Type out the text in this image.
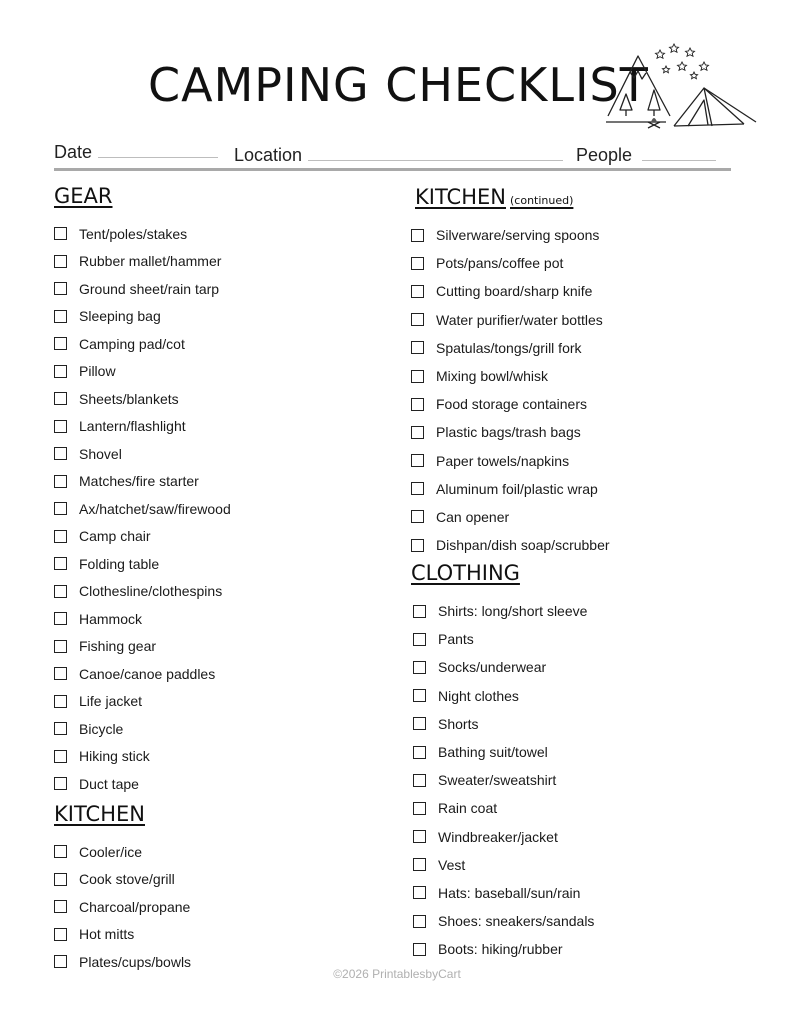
CAMPING CHECKLIST
Date	Location	People
GEAR
Tent/poles/stakes
Rubber mallet/hammer
Ground sheet/rain tarp
Sleeping bag
Camping pad/cot
Pillow
Sheets/blankets
Lantern/flashlight
Shovel
Matches/fire starter
Ax/hatchet/saw/firewood
Camp chair
Folding table
Clothesline/clothespins
Hammock
Fishing gear
Canoe/canoe paddles
Life jacket
Bicycle
Hiking stick
Duct tape
KITCHEN
Cooler/ice
Cook stove/grill
Charcoal/propane
Hot mitts
Plates/cups/bowls
KITCHEN (continued)
Silverware/serving spoons
Pots/pans/coffee pot
Cutting board/sharp knife
Water purifier/water bottles
Spatulas/tongs/grill fork
Mixing bowl/whisk
Food storage containers
Plastic bags/trash bags
Paper towels/napkins
Aluminum foil/plastic wrap
Can opener
Dishpan/dish soap/scrubber
CLOTHING
Shirts: long/short sleeve
Pants
Socks/underwear
Night clothes
Shorts
Bathing suit/towel
Sweater/sweatshirt
Rain coat
Windbreaker/jacket
Vest
Hats: baseball/sun/rain
Shoes: sneakers/sandals
Boots: hiking/rubber
©2026 PrintablesbyCart
